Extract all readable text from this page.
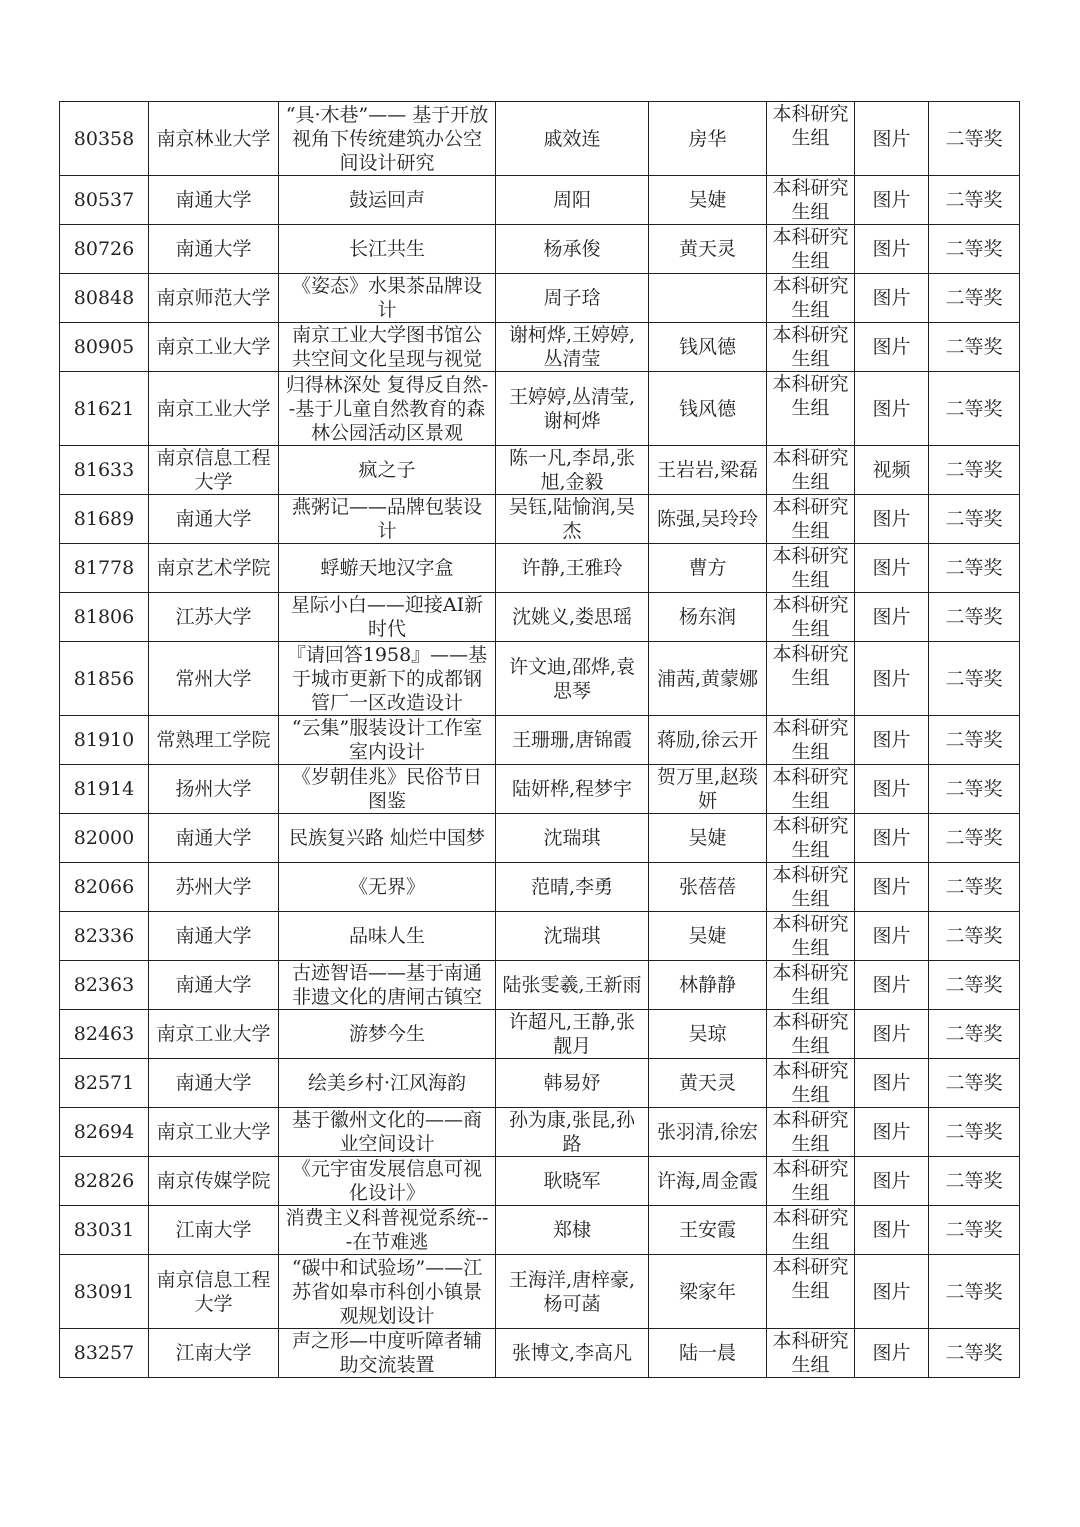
80358	南京林业大学	“具·木巷”—— 基于开放视角下传统建筑办公空间设计研究	戚效连	房华	本科研究生组	图片	二等奖
80537	南通大学	鼓运回声	周阳	吴婕	本科研究生组	图片	二等奖
80726	南通大学	长江共生	杨承俊	黄天灵	本科研究生组	图片	二等奖
80848	南京师范大学	《姿态》水果茶品牌设计	周子琀		本科研究生组	图片	二等奖
80905	南京工业大学	南京工业大学图书馆公共空间文化呈现与视觉	谢柯烨,王婷婷,丛清莹	钱风德	本科研究生组	图片	二等奖
81621	南京工业大学	归得林深处 复得反自然--基于儿童自然教育的森林公园活动区景观	王婷婷,丛清莹,谢柯烨	钱风德	本科研究生组	图片	二等奖
81633	南京信息工程大学	疯之子	陈一凡,李昂,张旭,金毅	王岩岩,梁磊	本科研究生组	视频	二等奖
81689	南通大学	燕粥记——品牌包装设计	吴钰,陆愉润,吴杰	陈强,吴玲玲	本科研究生组	图片	二等奖
81778	南京艺术学院	蜉蝣天地汉字盒	许静,王雅玲	曹方	本科研究生组	图片	二等奖
81806	江苏大学	星际小白——迎接AI新时代	沈姚义,娄思瑶	杨东润	本科研究生组	图片	二等奖
81856	常州大学	『请回答1958』——基于城市更新下的成都钢管厂一区改造设计	许文迪,邵烨,袁思琴	浦茜,黄蒙娜	本科研究生组	图片	二等奖
81910	常熟理工学院	“云集”服装设计工作室室内设计	王珊珊,唐锦霞	蒋励,徐云开	本科研究生组	图片	二等奖
81914	扬州大学	《岁朝佳兆》民俗节日图鉴	陆妍桦,程梦宇	贺万里,赵琰妍	本科研究生组	图片	二等奖
82000	南通大学	民族复兴路 灿烂中国梦	沈瑞琪	吴婕	本科研究生组	图片	二等奖
82066	苏州大学	《无界》	范晴,李勇	张蓓蓓	本科研究生组	图片	二等奖
82336	南通大学	品味人生	沈瑞琪	吴婕	本科研究生组	图片	二等奖
82363	南通大学	古迹智语——基于南通非遗文化的唐闸古镇空	陆张雯羲,王新雨	林静静	本科研究生组	图片	二等奖
82463	南京工业大学	游梦今生	许超凡,王静,张靓月	吴琼	本科研究生组	图片	二等奖
82571	南通大学	绘美乡村·江风海韵	韩易妤	黄天灵	本科研究生组	图片	二等奖
82694	南京工业大学	基于徽州文化的——商业空间设计	孙为康,张昆,孙路	张羽清,徐宏	本科研究生组	图片	二等奖
82826	南京传媒学院	《元宇宙发展信息可视化设计》	耿晓军	许海,周金霞	本科研究生组	图片	二等奖
83031	江南大学	消费主义科普视觉系统---在节难逃	郑棣	王安霞	本科研究生组	图片	二等奖
83091	南京信息工程大学	“碳中和试验场”——江苏省如皋市科创小镇景观规划设计	王海洋,唐梓豪,杨可菡	梁家年	本科研究生组	图片	二等奖
83257	江南大学	声之形—中度听障者辅助交流装置	张博文,李高凡	陆一晨	本科研究生组	图片	二等奖
